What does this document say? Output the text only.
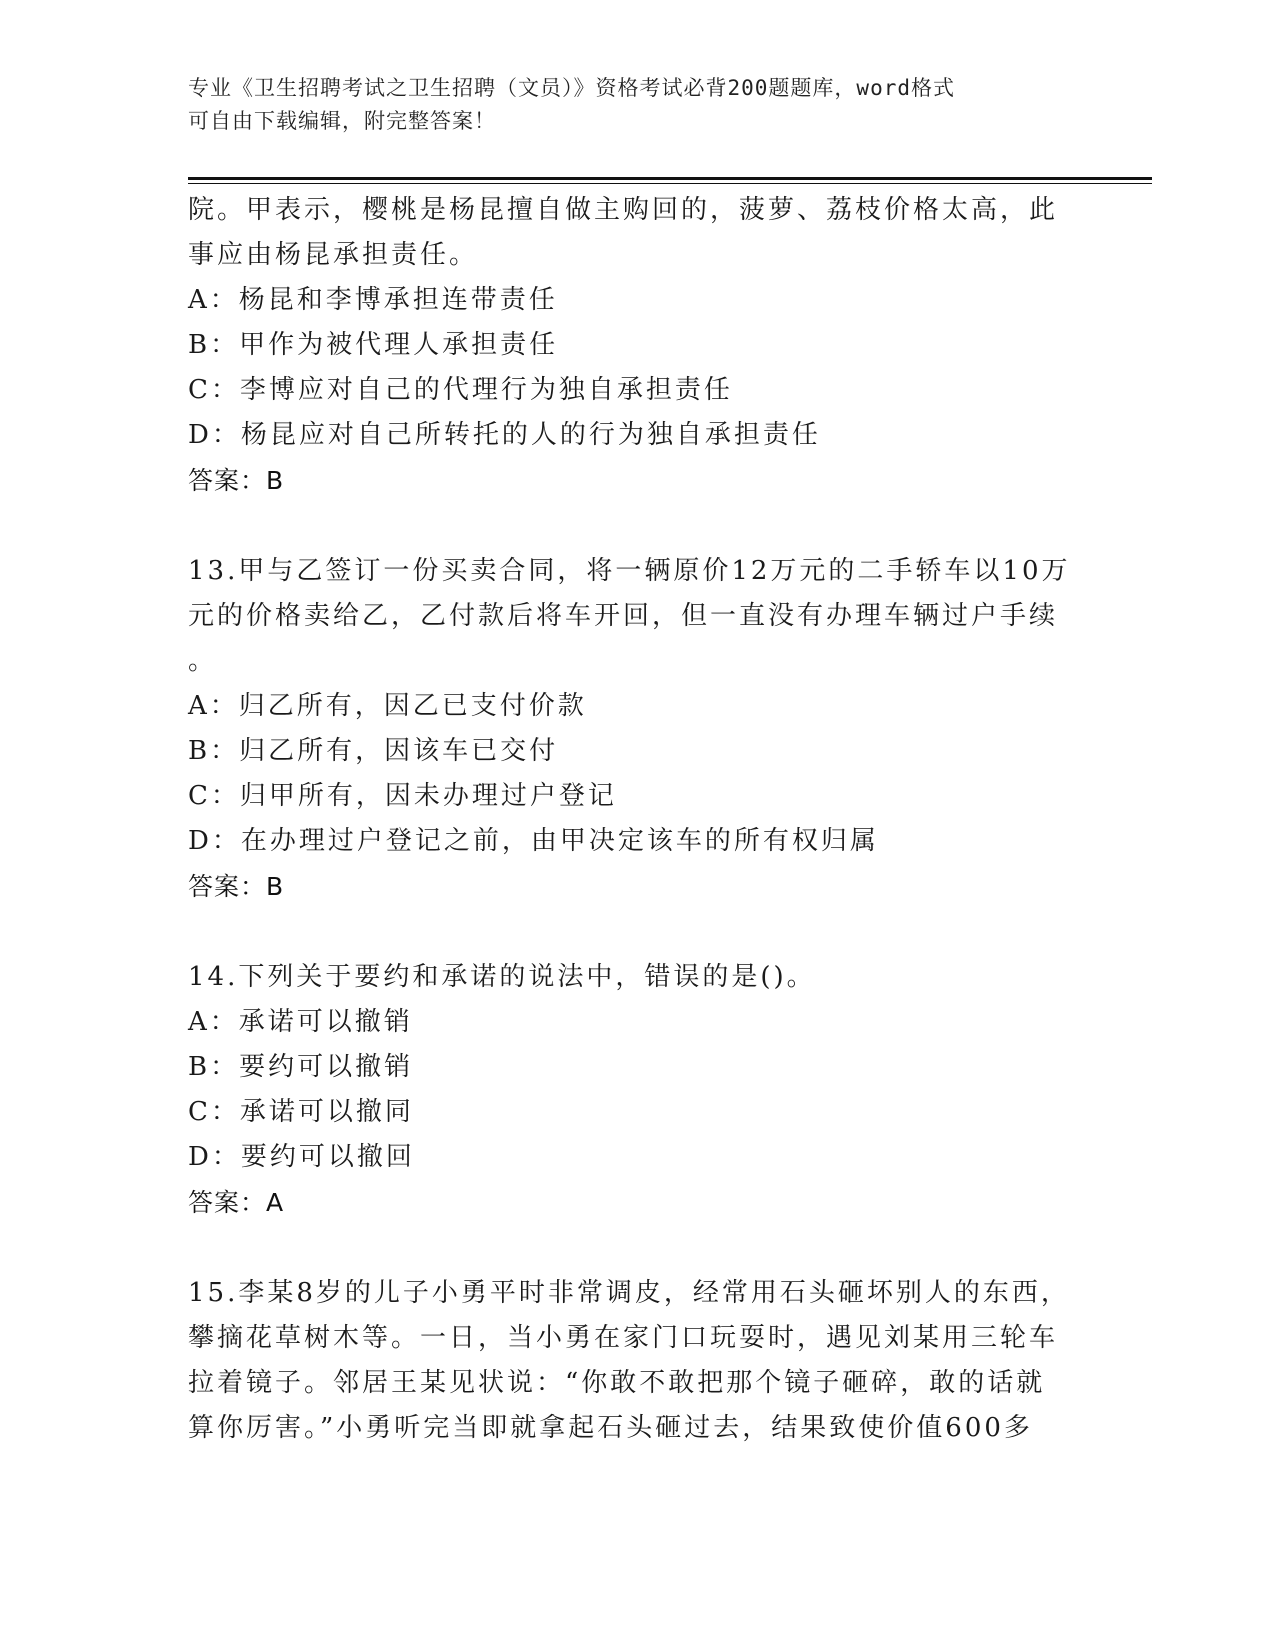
专业《卫生招聘考试之卫生招聘（文员）》资格考试必背200题题库，word格式
可自由下载编辑，附完整答案！
院。甲表示，樱桃是杨昆擅自做主购回的，菠萝、荔枝价格太高，此
事应由杨昆承担责任。
A：杨昆和李博承担连带责任
B：甲作为被代理人承担责任
C：李博应对自己的代理行为独自承担责任
D：杨昆应对自己所转托的人的行为独自承担责任
答案：B
13.甲与乙签订一份买卖合同，将一辆原价12万元的二手轿车以10万
元的价格卖给乙，乙付款后将车开回，但一直没有办理车辆过户手续
。
A：归乙所有，因乙已支付价款
B：归乙所有，因该车已交付
C：归甲所有，因未办理过户登记
D：在办理过户登记之前，由甲决定该车的所有权归属
答案：B
14.下列关于要约和承诺的说法中，错误的是()。
A：承诺可以撤销
B：要约可以撤销
C：承诺可以撤同
D：要约可以撤回
答案：A
15.李某8岁的儿子小勇平时非常调皮，经常用石头砸坏别人的东西，
攀摘花草树木等。一日，当小勇在家门口玩耍时，遇见刘某用三轮车
拉着镜子。邻居王某见状说：“你敢不敢把那个镜子砸碎，敢的话就
算你厉害。”小勇听完当即就拿起石头砸过去，结果致使价值600多
